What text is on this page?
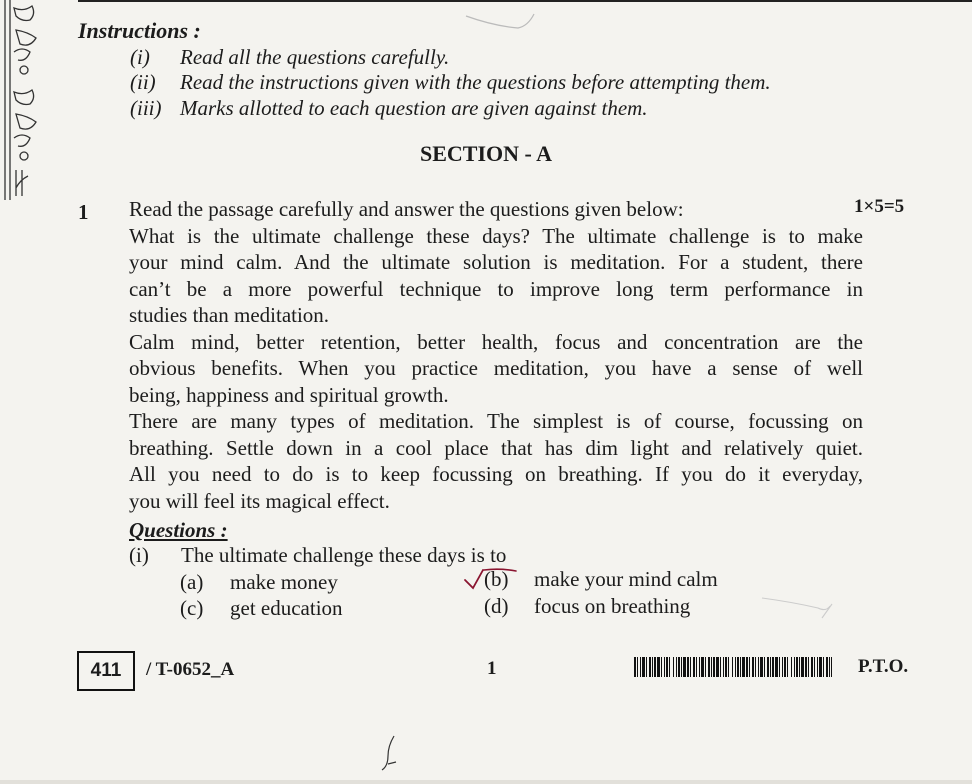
Instructions :
(i) Read all the questions carefully.
(ii) Read the instructions given with the questions before attempting them.
(iii) Marks allotted to each question are given against them.
SECTION - A
1	1×5=5
Read the passage carefully and answer the questions given below:
What is the ultimate challenge these days? The ultimate challenge is to make
your mind calm. And the ultimate solution is meditation. For a student, there
can’t be a more powerful technique to improve long term performance in
studies than meditation.
Calm mind, better retention, better health, focus and concentration are the
obvious benefits. When you practice meditation, you have a sense of well
being, happiness and spiritual growth.
There are many types of meditation. The simplest is of course, focussing on
breathing. Settle down in a cool place that has dim light and relatively quiet.
All you need to do is to keep focussing on breathing. If you do it everyday,
you will feel its magical effect.
Questions :
(i) The ultimate challenge these days is to
(a) make money	(b) make your mind calm
(c) get education	(d) focus on breathing
411	/ T-0652_A	1	P.T.O.
